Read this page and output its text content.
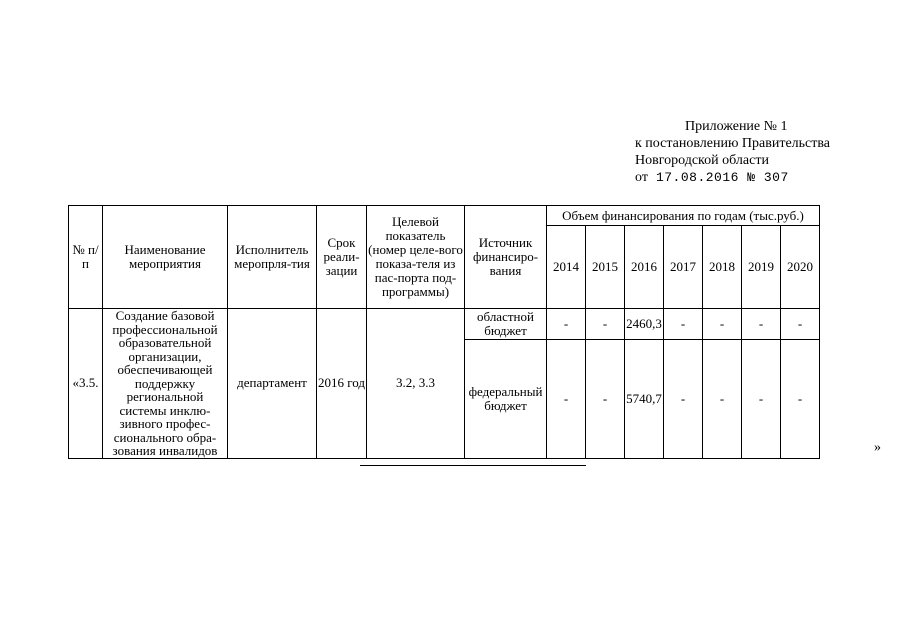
Приложение № 1
к постановлению Правительства
Новгородской области
от 17.08.2016 № 307
№ п/п	Наименование мероприятия	Исполнитель меропрля-тия	Срок реали-зации	Целевой показатель (номер целе-вого показа-теля из пас-порта под-программы)	Источник финансиро-вания	Объем финансирования по годам (тыс.руб.)						
						2014	2015	2016	2017	2018	2019	2020
«3.5.	Создание базовой профессиональной образовательной организации, обеспечивающей поддержку региональной системы инклю-зивного профес-сионального обра-зования инвалидов	департамент	2016 год	3.2, 3.3	областной бюджет	-	-	2460,3	-	-	-	-
					федеральный бюджет	-	-	5740,7	-	-	-	-
»
